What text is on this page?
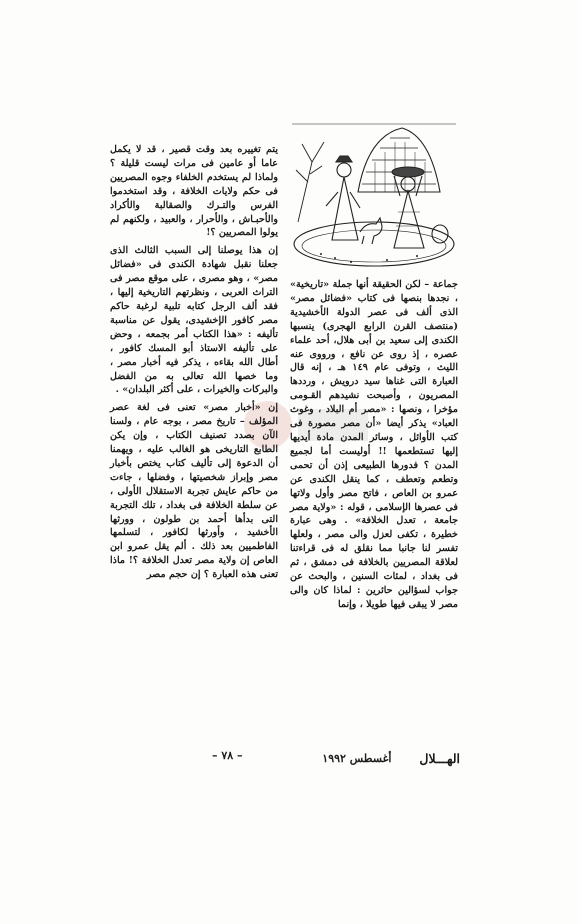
جماعة – لكن الحقيقة أنها جملة «تاريخية» ، نجدها بنصها فى كتاب «فضائل مصر» الذى ألف فى عصر الدولة الأخشيدية (منتصف القرن الرابع الهجرى) ينسبها الكندى إلى سعيد بن أبى هلال، أحد علماء عصره ، إذ روى عن نافع ، ورووى عنه الليث ، وتوفى عام ١٤٩ هـ ، إنه قال العبارة التى غناها سيد درويش ، ورددها المصريون ، وأصبحت نشيدهم القـومى مؤخرا ، ونصها : «مصر أم البلاد ، وغوث العباد» يذكر أيضا «أن مصر مصورة فى كتب الأوائل ، وسائر المدن مادة أيديها إليها تستطعمها !! أوليست أما لجميع المدن ؟ فدورها الطبيعى إذن أن تحمى وتطعم وتعطف ، كما ينقل الكندى عن عمرو بن العاص ، فاتح مصر وأول ولاتها فى عصرها الإسلامى ، قوله : «ولاية مصر جامعة ، تعدل الخلافة» . وهى عبارة خطيرة ، تكفى لعزل والى مصر ، ولعلها تفسر لنا جانبا مما نقلق له فى قراءتنا لعلاقة المصريين بالخلافة فى دمشق ، ثم فى بغداد ، لمئات السنين ، والبحث عن جواب لسؤالين حائرين : لماذا كان والى مصر لا يبقى فيها طويلا ، وإنما

يتم تغييره بعد وقت قصير ، قد لا يكمل عاما أو عامين فى مرات ليست قليلة ؟ ولماذا لم يستخدم الخلفاء وجوه المصريين فى حكم ولايات الخلافة ، وقد استخدموا الفرس والتـرك والصقالبة والأكراد والأحبـاش ، والأحرار ، والعبيد ، ولكنهم لم يولوا المصريين ؟!

إن هذا يوصلنا إلى السبب الثالث الذى جعلنا نقبل شهادة الكندى فى «فضائل مصر» ، وهو مصرى ، على موقع مصر فى التراث العربى ، ونظرتهم التاريخية إليها ، فقد ألف الرجل كتابه تلبية لرغبة حاكم مصر كافور الإخشيدى، يقول عن مناسبة تأليفه : «هذا الكتاب أمر بجمعه ، وحض على تأليفه الاستاذ أبو المسك كافور ، أطال الله بقاءه ، يذكر فيه أخبار مصر ، وما خصها الله تعالى به من الفضل والبركات والخيرات ، على أكثر البلدان» .

إن «أخبار مصر» تعنى فى لغة عصر المؤلف – تاريخ مصر ، بوجه عام ، ولسنا الآن بصدد تصنيف الكتاب ، وإن يكن الطابع التاريخى هو الغالب عليه ، ويهمنا أن الدعوة إلى تأليف كتاب يختص بأخبار مصر وإبراز شخصيتها ، وفضلها ، جاءت من حاكم عايش تجربة الاستقلال الأولى ، عن سلطة الخلافة فى بغداد ، تلك التجربة التى بدأها أحمد بن طولون ، وورثها الأخشيد ، وأورثها لكافور ، لتسلمها الفاطميين بعد ذلك . ألم يقل عمرو ابن العاص إن ولاية مصر تعدل الخلافة ؟! ماذا تعنى هذه العبارة ؟ إن حجم مصر

الهـــلال
أغسطس ١٩٩٢
– ٧٨ –
